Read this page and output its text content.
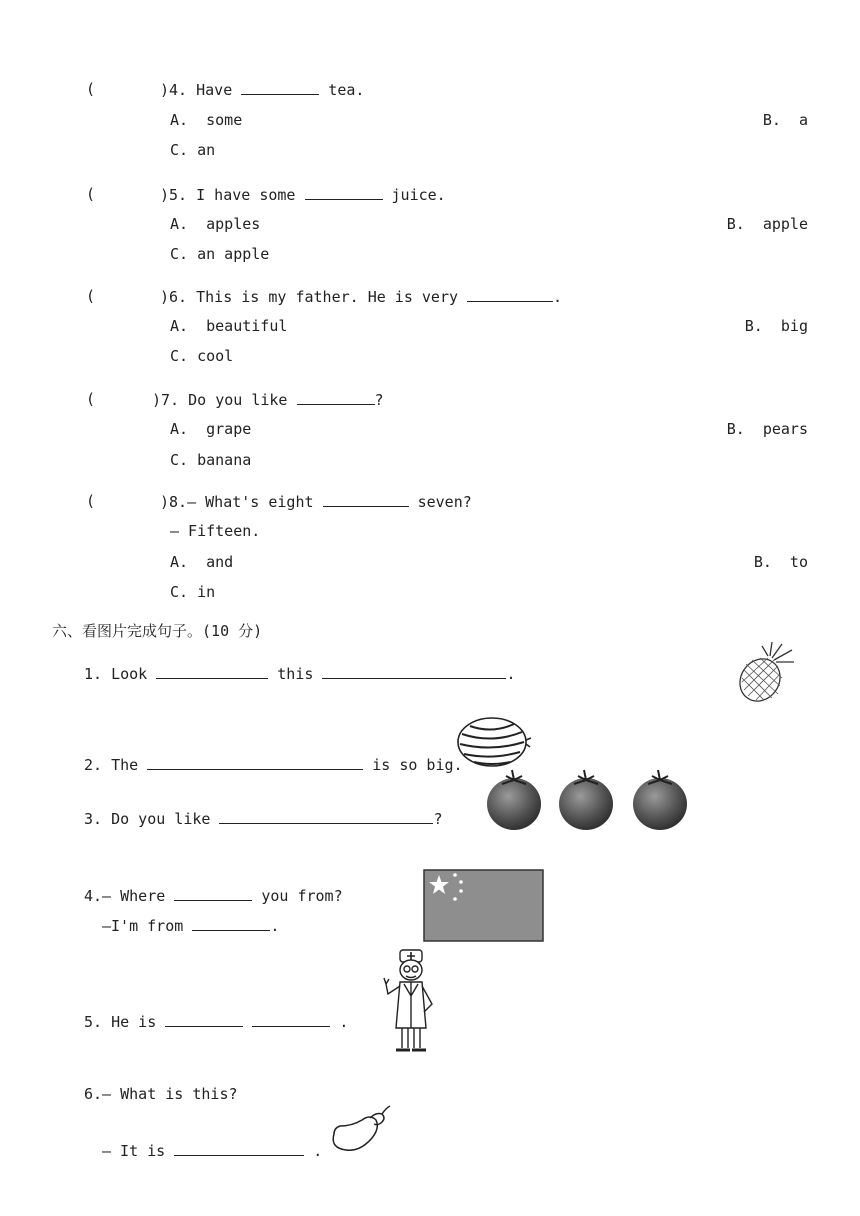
(	)4. Have	tea.
A.  some	B.  a
C. an
(	)5. I have some	juice.
A.  apples	B.  apple
C. an apple
(	)6. This is my father. He is very	.
A.  beautiful	B.  big
C. cool
(	)7. Do you like	?
A.  grape	B.  pears
C. banana
(	)8.— What's eight	seven?
— Fifteen.
A.  and	B.  to
C. in
六、看图片完成句子。(10 分)
1. Look	this	.
2. The	is so big.
3. Do you like	?
4.— Where	you from?
—I'm from	.
5. He is	.
6.— What is this?
— It is	.
